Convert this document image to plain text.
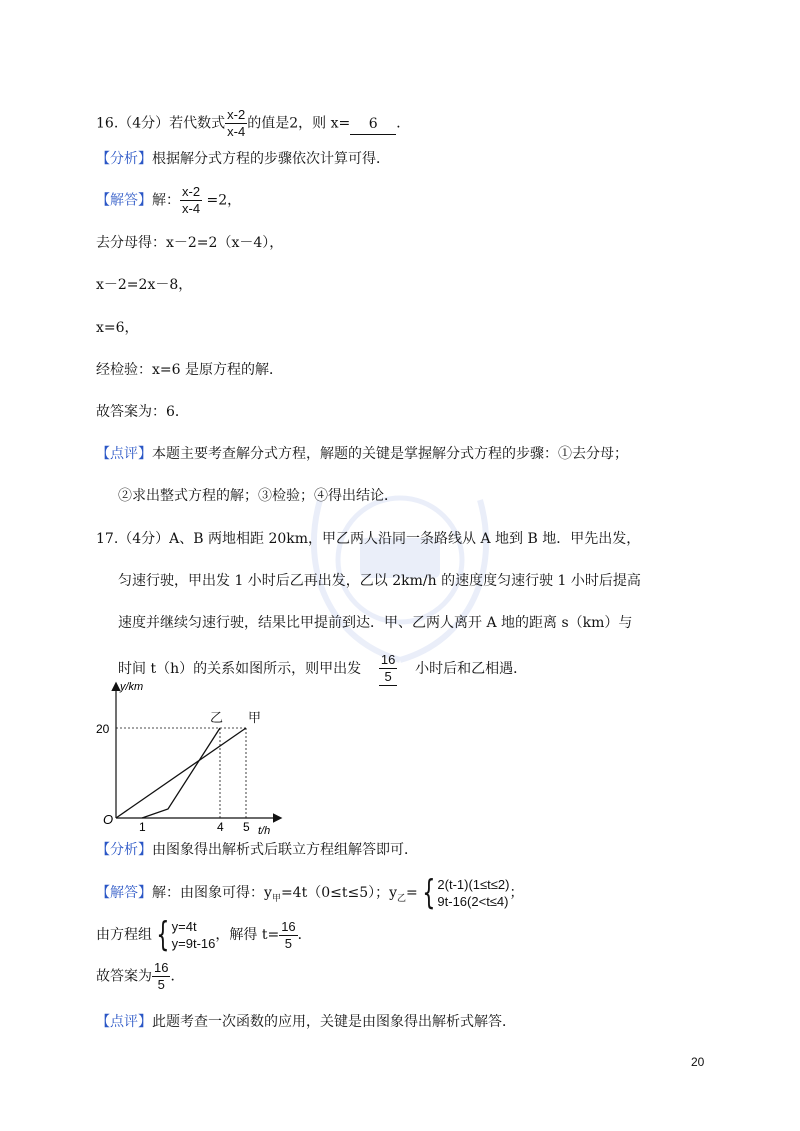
16.（4分）若代数式 $\frac{x-2}{x-4}$ 的值是2，则 x= 6 ．
【分析】根据解分式方程的步骤依次计算可得．
【解答】解： $\frac{x-2}{x-4} =2$，
去分母得：x－2=2（x－4），
x－2=2x－8，
x=6，
经检验：x=6 是原方程的解．
故答案为：6．
【点评】本题主要考查解分式方程，解题的关键是掌握解分式方程的步骤：①去分母；
②求出整式方程的解；③检验；④得出结论．
17.（4分）A、B 两地相距 20km，甲乙两人沿同一条路线从 A 地到 B 地．甲先出发，
匀速行驶，甲出发 1 小时后乙再出发，乙以 2km/h 的速度度匀速行驶 1 小时后提高
速度并继续匀速行驶，结果比甲提前到达．甲、乙两人离开 A 地的距离 s（km）与
时间 t（h）的关系如图所示，则甲出发 $\frac{16}{5}$ 小时后和乙相遇．
甲
乙
1	4 5
20
O
y/km
t/h
【分析】由图象得出解析式后联立方程组解答即可．
【解答】解：由图象可得：$y_甲=4t(0\le t\le 5)$；$y_乙=$ { 2(t-1)(1≤t≤2)
9t-16(2<t≤4)
；
由方程组 { y=4t
y=9t-16
，解得 $t= \frac{16}{5}$ ．
故答案为 $\frac{16}{5}$ ．
【点评】此题考查一次函数的应用，关键是由图象得出解析式解答．
20
